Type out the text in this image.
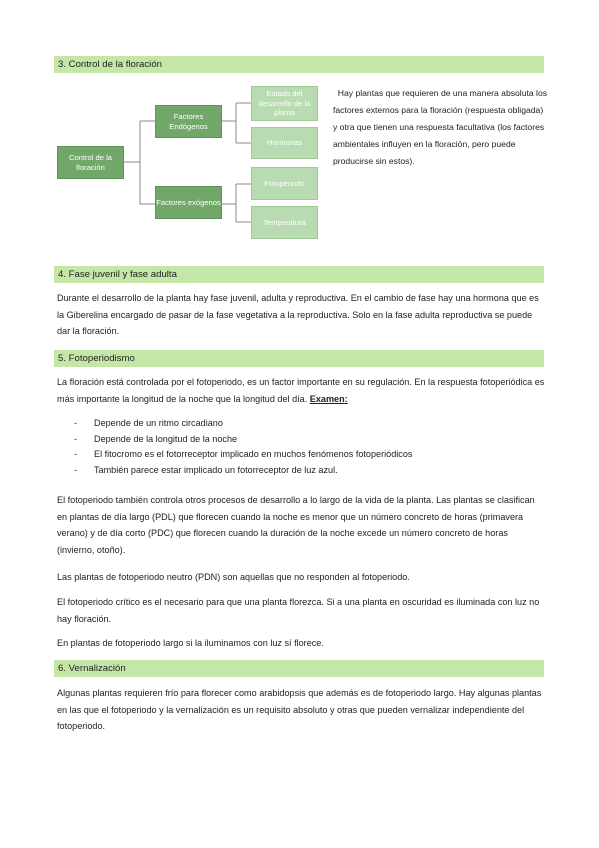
3. Control de la floración
Control de la floración
Factores Endógenos
Factores exógenos
Estado del desarrollo de la planta
Hormonas
Fotoperiodo
Temperatura
Hay plantas que requieren de una manera absoluta los factores externos para la floración (respuesta obligada) y otra que tienen una respuesta facultativa (los factores ambientales influyen en la floración, pero puede producirse sin estos).
4. Fase juvenil y fase adulta
Durante el desarrollo de la planta hay fase juvenil, adulta y reproductiva. En el cambio de fase hay una hormona que es la Giberelina encargado de pasar de la fase vegetativa a la reproductiva. Solo en la fase adulta reproductiva se puede dar la floración.
5. Fotoperiodismo
La floración está controlada por el fotoperiodo, es un factor importante en su regulación. En la respuesta fotoperiódica es más importante la longitud de la noche que la longitud del día. Examen:
- Depende de un ritmo circadiano
- Depende de la longitud de la noche
- El fitocromo es el fotorreceptor implicado en muchos fenómenos fotoperiódicos
- También parece estar implicado un fotorreceptor de luz azul.
El fotoperiodo también controla otros procesos de desarrollo a lo largo de la vida de la planta. Las plantas se clasifican en plantas de día largo (PDL) que florecen cuando la noche es menor que un número concreto de horas (primavera verano) y de día corto (PDC) que florecen cuando la duración de la noche excede un número concreto de horas (invierno, otoño).
Las plantas de fotoperiodo neutro (PDN) son aquellas que no responden al fotoperiodo.
El fotoperiodo crítico es el necesario para que una planta florezca. Si a una planta en oscuridad es iluminada con luz no hay floración.
En plantas de fotoperiodo largo si la iluminamos con luz sí florece.
6. Vernalización
Algunas plantas requieren frío para florecer como arabidopsis que además es de fotoperiodo largo. Hay algunas plantas en las que el fotoperiodo y la vernalización es un requisito absoluto y otras que pueden vernalizar independiente del fotoperiodo.
